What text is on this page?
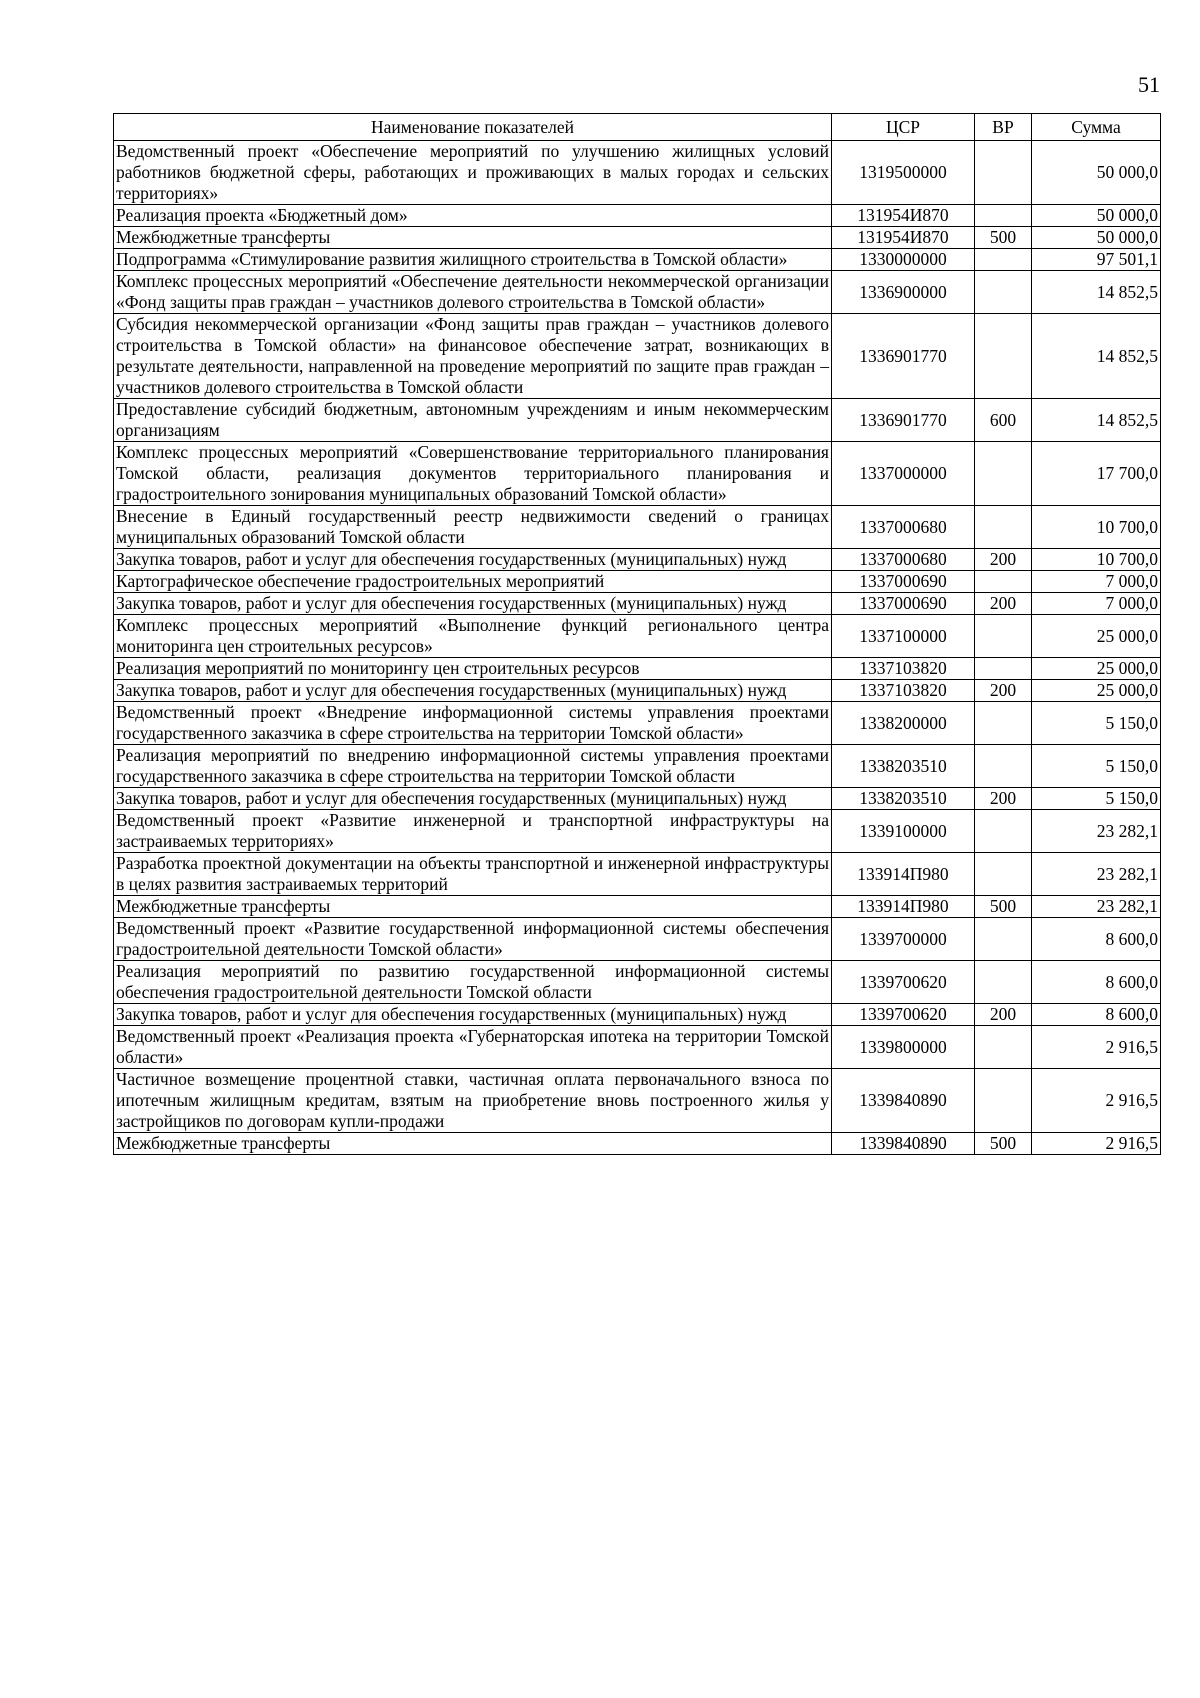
51
Наименование показателей	ЦСР	ВР	Сумма
Ведомственный проект «Обеспечение мероприятий по улучшению жилищных условий работников бюджетной сферы, работающих и проживающих в малых городах и сельских территориях»	1319500000		50 000,0
Реализация проекта «Бюджетный дом»	131954И870		50 000,0
Межбюджетные трансферты	131954И870	500	50 000,0
Подпрограмма «Стимулирование развития жилищного строительства в Томской области»	1330000000		97 501,1
Комплекс процессных мероприятий «Обеспечение деятельности некоммерческой организации «Фонд защиты прав граждан – участников долевого строительства в Томской области»	1336900000		14 852,5
Субсидия некоммерческой организации «Фонд защиты прав граждан – участников долевого строительства в Томской области» на финансовое обеспечение затрат, возникающих в результате деятельности, направленной на проведение мероприятий по защите прав граждан – участников долевого строительства в Томской области	1336901770		14 852,5
Предоставление субсидий бюджетным, автономным учреждениям и иным некоммерческим организациям	1336901770	600	14 852,5
Комплекс процессных мероприятий «Совершенствование территориального планирования Томской области, реализация документов территориального планирования и градостроительного зонирования муниципальных образований Томской области»	1337000000		17 700,0
Внесение в Единый государственный реестр недвижимости сведений о границах муниципальных образований Томской области	1337000680		10 700,0
Закупка товаров, работ и услуг для обеспечения государственных (муниципальных) нужд	1337000680	200	10 700,0
Картографическое обеспечение градостроительных мероприятий	1337000690		7 000,0
Закупка товаров, работ и услуг для обеспечения государственных (муниципальных) нужд	1337000690	200	7 000,0
Комплекс процессных мероприятий «Выполнение функций регионального центра мониторинга цен строительных ресурсов»	1337100000		25 000,0
Реализация мероприятий по мониторингу цен строительных ресурсов	1337103820		25 000,0
Закупка товаров, работ и услуг для обеспечения государственных (муниципальных) нужд	1337103820	200	25 000,0
Ведомственный проект «Внедрение информационной системы управления проектами государственного заказчика в сфере строительства на территории Томской области»	1338200000		5 150,0
Реализация мероприятий по внедрению информационной системы управления проектами государственного заказчика в сфере строительства на территории Томской области	1338203510		5 150,0
Закупка товаров, работ и услуг для обеспечения государственных (муниципальных) нужд	1338203510	200	5 150,0
Ведомственный проект «Развитие инженерной и транспортной инфраструктуры на застраиваемых территориях»	1339100000		23 282,1
Разработка проектной документации на объекты транспортной и инженерной инфраструктуры в целях развития застраиваемых территорий	133914П980		23 282,1
Межбюджетные трансферты	133914П980	500	23 282,1
Ведомственный проект «Развитие государственной информационной системы обеспечения градостроительной деятельности Томской области»	1339700000		8 600,0
Реализация мероприятий по развитию государственной информационной системы обеспечения градостроительной деятельности Томской области	1339700620		8 600,0
Закупка товаров, работ и услуг для обеспечения государственных (муниципальных) нужд	1339700620	200	8 600,0
Ведомственный проект «Реализация проекта «Губернаторская ипотека на территории Томской области»	1339800000		2 916,5
Частичное возмещение процентной ставки, частичная оплата первоначального взноса по ипотечным жилищным кредитам, взятым на приобретение вновь построенного жилья у застройщиков по договорам купли-продажи	1339840890		2 916,5
Межбюджетные трансферты	1339840890	500	2 916,5
